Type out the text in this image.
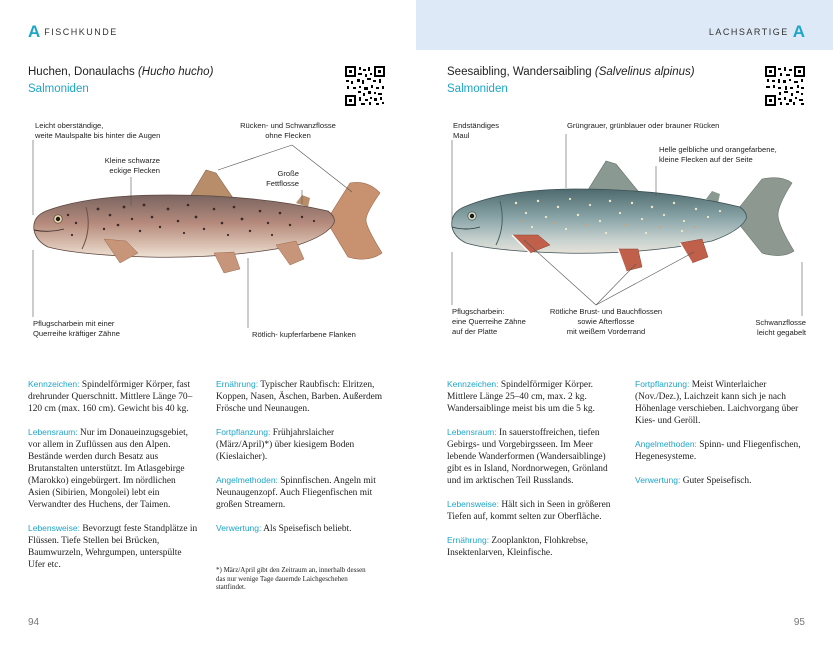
A FISCHKUNDE
Huchen, Donaulachs (Hucho hucho)
Salmoniden
Leicht oberständige,
weite Maulspalte bis hinter die Augen
Kleine schwarze
eckige Flecken
Rücken- und Schwanzflosse
ohne Flecken
Große
Fettflosse
Pflugscharbein mit einer
Querreihe kräftiger Zähne	Rötlich- kupferfarbene Flanken

Kennzeichen: Spindelförmiger Körper, fast drehrunder Querschnitt. Mittlere Länge 70–120 cm (max. 160 cm). Gewicht bis 40 kg.

Lebensraum: Nur im Donaueinzugsgebiet, vor allem in Zuflüssen aus den Alpen. Bestände werden durch Besatz aus Brutanstalten unterstützt. Im Atlasgebirge (Marokko) eingebürgert. Im nördlichen Asien (Sibirien, Mongolei) lebt ein Verwandter des Huchens, der Taimen.

Lebensweise: Bevorzugt feste Standplätze in Flüssen. Tiefe Stellen bei Brücken, Baumwurzeln, Wehrgumpen, unterspülte Ufer etc.

Ernährung: Typischer Raubfisch: Elritzen, Koppen, Nasen, Äschen, Barben. Außerdem Frösche und Neunaugen.

Fortpflanzung: Frühjahrslaicher (März/April)*) über kiesigem Boden (Kieslaicher).

Angelmethoden: Spinnfischen. Angeln mit Neunaugenzopf. Auch Fliegenfischen mit großen Streamern.

Verwertung: Als Speisefisch beliebt.

*) März/April gibt den Zeitraum an, innerhalb dessen das nur wenige Tage dauernde Laichgeschehen stattfindet.
94
LACHSARTIGE A
Seesaibling, Wandersaibling (Salvelinus alpinus)
Salmoniden
Endständiges
Maul
Grüngrauer, grünblauer oder brauner Rücken
Helle gelbliche und orangefarbene,
kleine Flecken auf der Seite
Pflugscharbein:
eine Querreihe Zähne
auf der Platte
Rötliche Brust- und Bauchflossen
sowie Afterflosse
mit weißem Vorderrand
Schwanzflosse
leicht gegabelt

Kennzeichen: Spindelförmiger Körper. Mittlere Länge 25–40 cm, max. 2 kg. Wandersaiblinge meist bis um die 5 kg.

Lebensraum: In sauerstoffreichen, tiefen Gebirgs- und Vorgebirgsseen. Im Meer lebende Wanderformen (Wandersaiblinge) gibt es in Island, Nordnorwegen, Grönland und im arktischen Teil Russlands.

Lebensweise: Hält sich in Seen in größeren Tiefen auf, kommt selten zur Oberfläche.

Ernährung: Zooplankton, Flohkrebse, Insektenlarven, Kleinfische.

Fortpflanzung: Meist Winterlaicher (Nov./Dez.), Laichzeit kann sich je nach Höhenlage verschieben. Laichvorgang über Kies- und Geröll.

Angelmethoden: Spinn- und Fliegenfischen, Hegenesysteme.

Verwertung: Guter Speisefisch.

95
